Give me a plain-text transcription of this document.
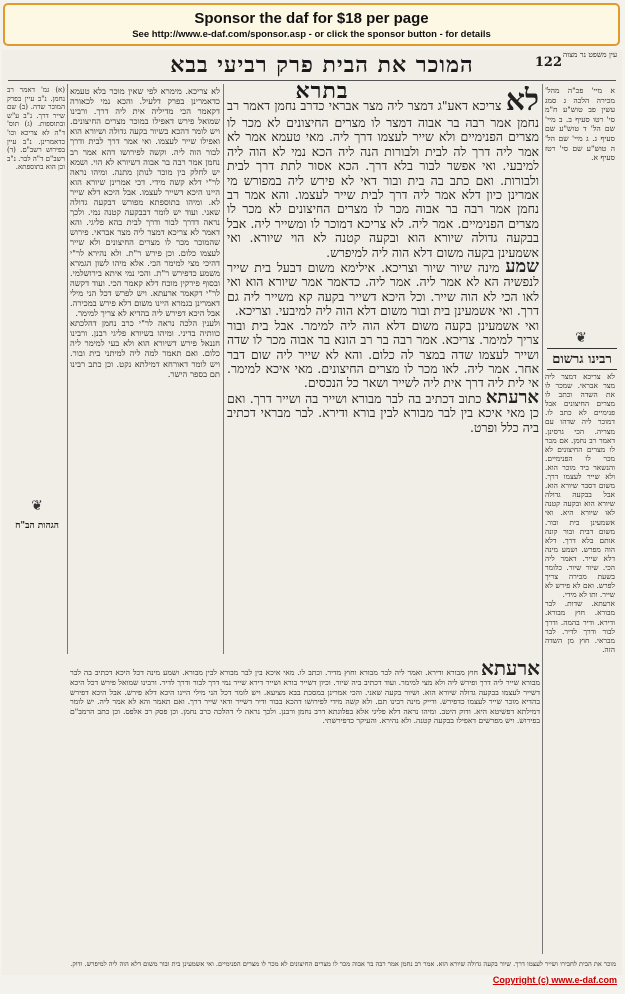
Sponsor the daf for $18 per page
See http://www.e-daf.com/sponsor.asp - or click the sponsor button - for details
122
המוכר את הבית פרק רביעי בבא בתרא
עין משפט נר מצוה

לא צריכא דאע"ג דמצר ליה מצר אבראי כדרב נחמן דאמר רב נחמן אמר רבה בר אבוה דמצר לו מצרים החיצונים לא מכר לו מצרים הפנימיים ולא שייר לעצמו דרך ליה. מאי טעמא אמר לא אמר ליה דרך לה לבית ולבורות הנה ליה הכא נמי לא הוה ליה למיבעי. ואי אפשר לבור בלא דרך. הכא אסור לתת דרך לבית ולבורות. ואם כתב בה בית ובור דאי לא פירש ליה במפורש מי אמרינן כיון דלא אמר ליה דרך לבית שייר לעצמו. והא אמר רב נחמן אמר רבה בר אבוה מכר לו מצרים החיצונים לא מכר לו מצרים הפנימיים. אמר ליה. לא צריכא דמוכר לו ומשייר ליה. אבל בבקעה גדולה שיורא הוא ובקעה קטנה לא הוי שיורא. ואי אשמעינן בקעה משום דלא הוה ליה למיפרש.

שמע מינה שיור שיור וצריכא. אילימא משום דבעל בית שייר לנפשיה הא לא אמר ליה. אמר ליה. כדאמר אמר שיורא הוא ואי לאו הכי לא הוה שייר. וכל היכא דשייר בקעה קא משייר ליה גם דרך. ואי אשמעינן בית ובור משום דלא הוה ליה למיבעי. וצריכא.

ואי אשמעינן בקעה משום דלא הוה ליה למימר. אבל בית ובור צריך למימר. צריכא. אמר רבה בר רב הונא בר אבוה מכר לו שדה ושייר לעצמו שדה במצר לה כלום. והא לא שייר ליה שום דבר אחר. אמר ליה. לאו מכר לו מצרים החיצונים. מאי איכא למימר. אי לית ליה דרך אית ליה לשייר ושאר כל הנכסים.

ארעתא כתוב דכתיב בה לבר מבורא ושייר בה ושייר דרך. ואם כן מאי איכא בין לבר מבורא לבין בורא ודירא. לבר מבראי דכתיב ביה כלל ופרט.

לא צריכא. מימרא לפי שאין מוכר בלא טעמא כדאמרינן בפרק דלעיל. והכא נמי לכאורה דקאמר הכי מדיליה אית ליה דרך. ורבינו שמואל פירש דאפילו במוכר מצרים החיצונים. ויש לומר דהכא בשיור בקעה גדולה ושיורא הוא ואפילו שייר לעצמו. ואי אמר דרך לבית ודרך לבור הוה ליה. וקשה לפירושו דהא אמר רב נחמן אמר רבה בר אבוה דשיורא לא הוי. ושמא יש לחלק בין מוכר לנותן מתנה. ומיהו נראה לר"י דלא קשה מידי. דכי אמרינן שיורא הוא היינו היכא דשייר לעצמו. אבל היכא דלא שייר לא. ומיהו בתוספתא מפורש דבקעה גדולה שאני. ועוד יש לומר דבבקעה קטנה נמי. ולכך נראה דדרך לבור ודרך לבית בהא פליגי. והא דאמר לא צריכא דמצר ליה מצר אבראי. פירוש שהמוכר מכר לו מצרים החיצונים ולא שייר לעצמו כלום. וכן פירש ר"ת. ולא נהירא לר"י דהיכי מצי למימר הכי. אלא מיהו לשון הגמרא משמע כדפירש ר"ת. והכי נמי איתא בירושלמי. ובסוף פירקין מוכח דלא קאמר הכי. ועוד דקשה לר"י דקאמר ארעתא. ויש לפרש דכל הני מילי דאמרינן בגמרא היינו משום דלא פירש במכירה. אבל היכא דפירש ליה בהדיא לא צריך למימר.

ולענין הלכה נראה לר"י כרב נחמן דהלכתא כוותיה בדיני. ומיהו בשיורא פליגי רבנן. ורבינו חננאל פירש דשיורא הוא ולא בעי למימר ליה כלום. ואם תאמר למה ליה למיתני בית ובור. ויש לומר דאורחא דמילתא נקט. וכן כתב רבינו תם בספר הישר.

א מיי' פכ"ה מהל' מכירה הלכה ג סמג עשין פב טוש"ע ח"מ סי' רטו סעיף ב. ב מיי' שם הל' ד טוש"ע שם סעיף ג. ג מיי' שם הל' ה טוש"ע שם סי' רטז סעיף א.
רבינו גרשום

לא צריכא דמצר ליה מצר אבראי. שמכר לו את השדה וכתב לו מצרים החיצונים אבל פנימיים לא כתב לו. דמוכר ליה שדהו עם מצריה. הכי גרסינן. דאמר רב נחמן. אם מכר לו מצרים החיצונים לא מכר לו הפנימיים. והנשאר ביד מוכר הוא. ולא שייר לעצמו דרך. משום דסבר שיורא הוא. אבל בבקעה גדולה שיורא הוא ובקעה קטנה לאו שיורא היא. ואי אשמעינן בית ובור. משום דבית ובור קונה אותם בלא דרך. דלא הוה מפרש. ושמע מינה דלא שייר. דאמר ליה הכי. שיור שיור. כלומר בשעת מכירה צריך לפרש. ואם לא פירש לא שייר. ותו לא מידי.

ארעתא. שדות. לבר מבורא. חוץ מבורא. ודירא. ודיר בהמה. ודרך לבור ודרך לדיר. לבר מבראי. חוץ מן השדה הזה.

(א) גמ' דאמר רב נחמן. נ"ב עיין בפרק המוכר שדה. (ב) שם שייר דרך. נ"ב ע"ש ובתוספות. (ג) תוס' ד"ה לא צריכא וכו' כדאמרינן. נ"ב עיין בפירוש רשב"ם. (ד) רשב"ם ד"ה לבר. נ"ב וכן הוא בתוספתא.
הגהות הב"ח
❦
❦

ארעתא חוץ מבורא ודירא. ואמר ליה לבר מבורא וחוץ מדיר. וכתב לו. מאי איכא בין לבר מבורא לבין מבורא. ושמע מינה דכל היכא דכתיב בה לבר מבורא שייר ליה דרך ופירש ליה ולא מצי למימר. ועוד דכתיב ביה שיור. וכיון דשייר בורא ושייר דירא שייר נמי דרך לבור ודרך לדיר. ורבינו שמואל פירש דכל היכא דשייר לעצמו בבקעה גדולה שיורא הוא. ושיור בקעה שאני. והכי אמרינן במסכת בבא מציעא. ויש לומר דכל הני מילי היינו היכא דלא פירש. אבל היכא דפירש בהדיא מוכר שייר לעצמו כדפירש. ודייק מינה רבינו תם. ולא קשה מידי לפירושו דהכא בבור ודיר דשייר ודאי שייר דרך. ואם תאמר והא לא אמר ליה. יש לומר דמילתא דפשיטא היא. ודוק היטב. ומיהו נראה דלא פליגי אלא בפלוגתא דרב נחמן ורבנן. ולכך נראה לי דהלכה כרב נחמן. וכן פסק רב אלפס. וכן כתב הרמב"ם בפירוש. ויש מפרשים דאפילו בבקעה קטנה. ולא נהירא. והעיקר כדפירשתי.

מוכר את הבית לחבירו ושייר לעצמו דרך. שיור בקעה גדולה שיורא הוא. אמר רב נחמן אמר רבה בר אבוה מכר לו מצרים החיצונים לא מכר לו מצרים הפנימיים. ואי אשמעינן בית ובור משום דלא הוה ליה למיפרש. ודוק.
Copyright (c) www.e-daf.com
